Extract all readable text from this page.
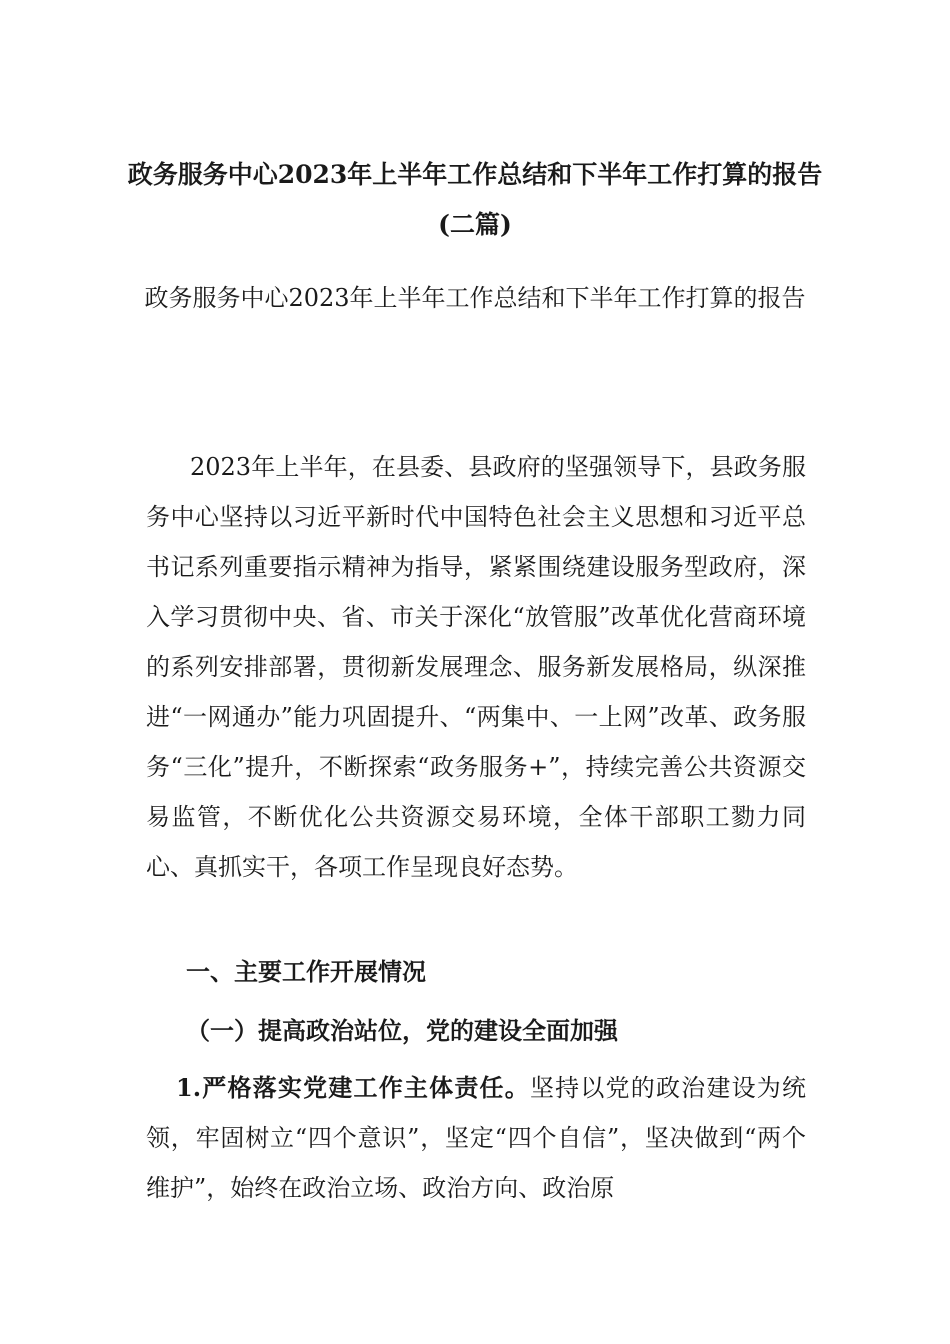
政务服务中心2023年上半年工作总结和下半年工作打算的报告(二篇)
政务服务中心2023年上半年工作总结和下半年工作打算的报告

2023年上半年，在县委、县政府的坚强领导下，县政务服务中心坚持以习近平新时代中国特色社会主义思想和习近平总书记系列重要指示精神为指导，紧紧围绕建设服务型政府，深入学习贯彻中央、省、市关于深化“放管服”改革优化营商环境的系列安排部署，贯彻新发展理念、服务新发展格局，纵深推进“一网通办”能力巩固提升、“两集中、一上网”改革、政务服务“三化”提升，不断探索“政务服务+”，持续完善公共资源交易监管，不断优化公共资源交易环境，全体干部职工勠力同心、真抓实干，各项工作呈现良好态势。

一、主要工作开展情况
（一）提高政治站位，党的建设全面加强

1.严格落实党建工作主体责任。坚持以党的政治建设为统领，牢固树立“四个意识”，坚定“四个自信”，坚决做到“两个维护”，始终在政治立场、政治方向、政治原
